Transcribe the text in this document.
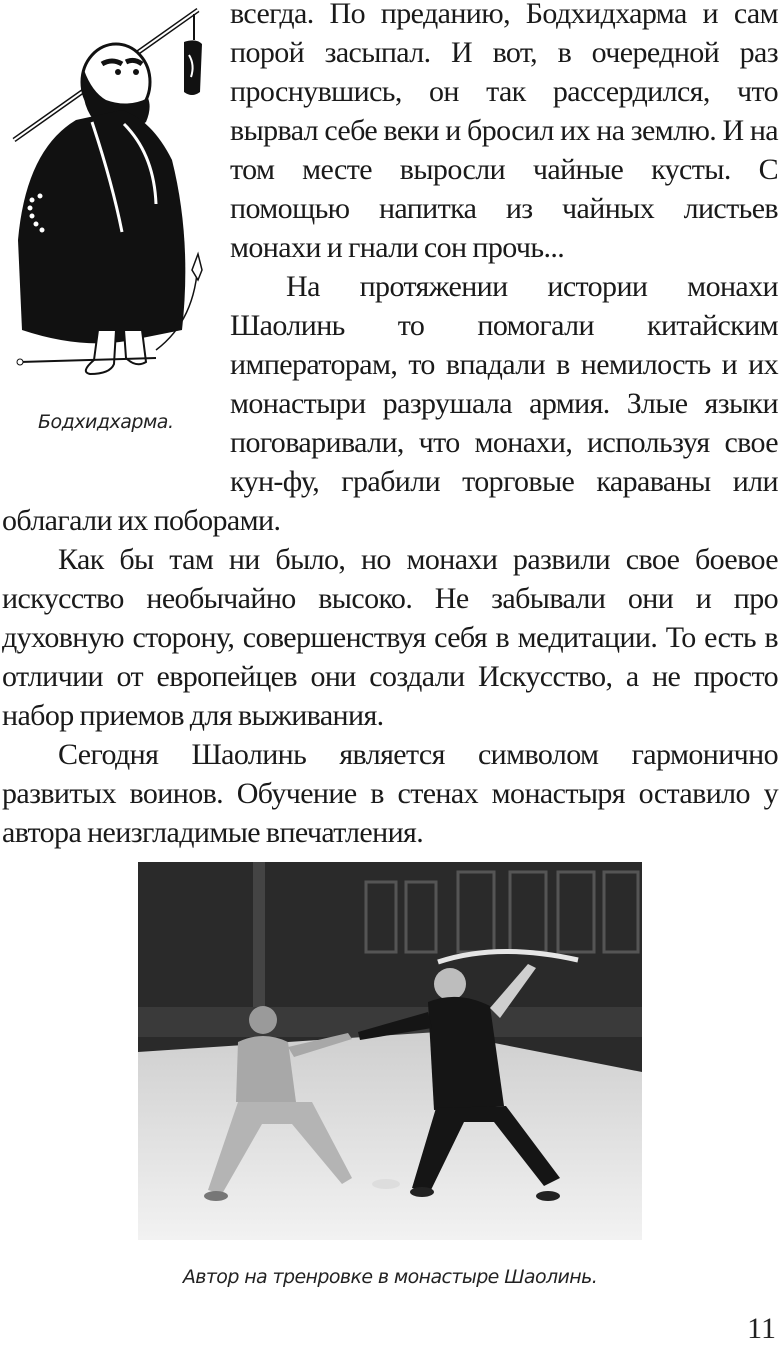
Бодхидхарма.

всегда. По преданию, Бодхидхарма и сам порой засыпал. И вот, в очередной раз проснувшись, он так рассердился, что вырвал себе веки и бросил их на землю. И на том месте выросли чайные кусты. С помощью напитка из чайных листьев монахи и гнали сон прочь...

На протяжении истории монахи Шаолинь то помогали китайским императорам, то впадали в немилость и их монастыри разрушала армия. Злые языки поговаривали, что монахи, используя свое кун-фу, грабили торговые караваны или облагали их поборами.

Как бы там ни было, но монахи развили свое боевое искусство необычайно высоко. Не забывали они и про духовную сторону, совершенствуя себя в медитации. То есть в отличии от европейцев они создали Искусство, а не просто набор приемов для выживания.

Сегодня Шаолинь является символом гармонично развитых воинов. Обучение в стенах монастыря оставило у автора неизгладимые впечатления.

Автор на тренровке в монастыре Шаолинь.
11
